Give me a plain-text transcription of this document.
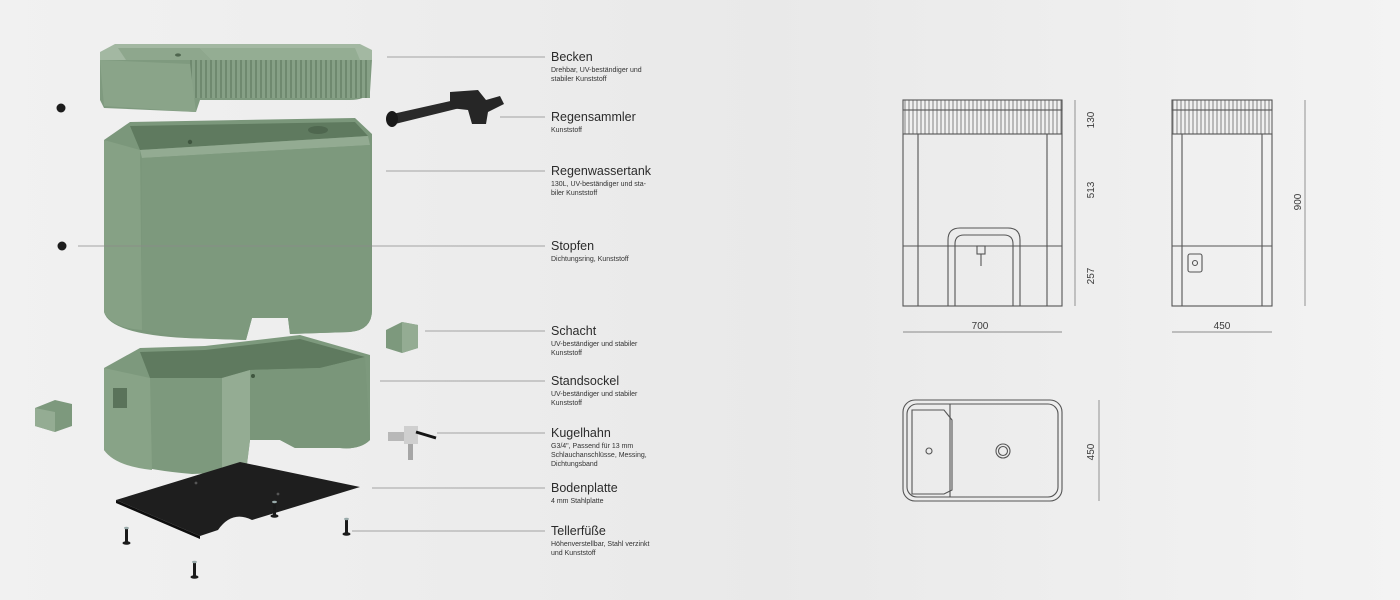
130
513
257
700
900
450
450
Becken
Drehbar, UV-beständiger und
stabiler Kunststoff
Regensammler
Kunststoff
Regenwassertank
130L, UV-beständiger und sta-
biler Kunststoff
Stopfen
Dichtungsring, Kunststoff
Schacht
UV-beständiger und stabiler
Kunststoff
Standsockel
UV-beständiger und stabiler
Kunststoff
Kugelhahn
G3/4", Passend für 13 mm
Schlauchanschlüsse, Messing,
Dichtungsband
Bodenplatte
4 mm Stahlplatte
Tellerfüße
Höhenverstellbar, Stahl verzinkt
und Kunststoff
